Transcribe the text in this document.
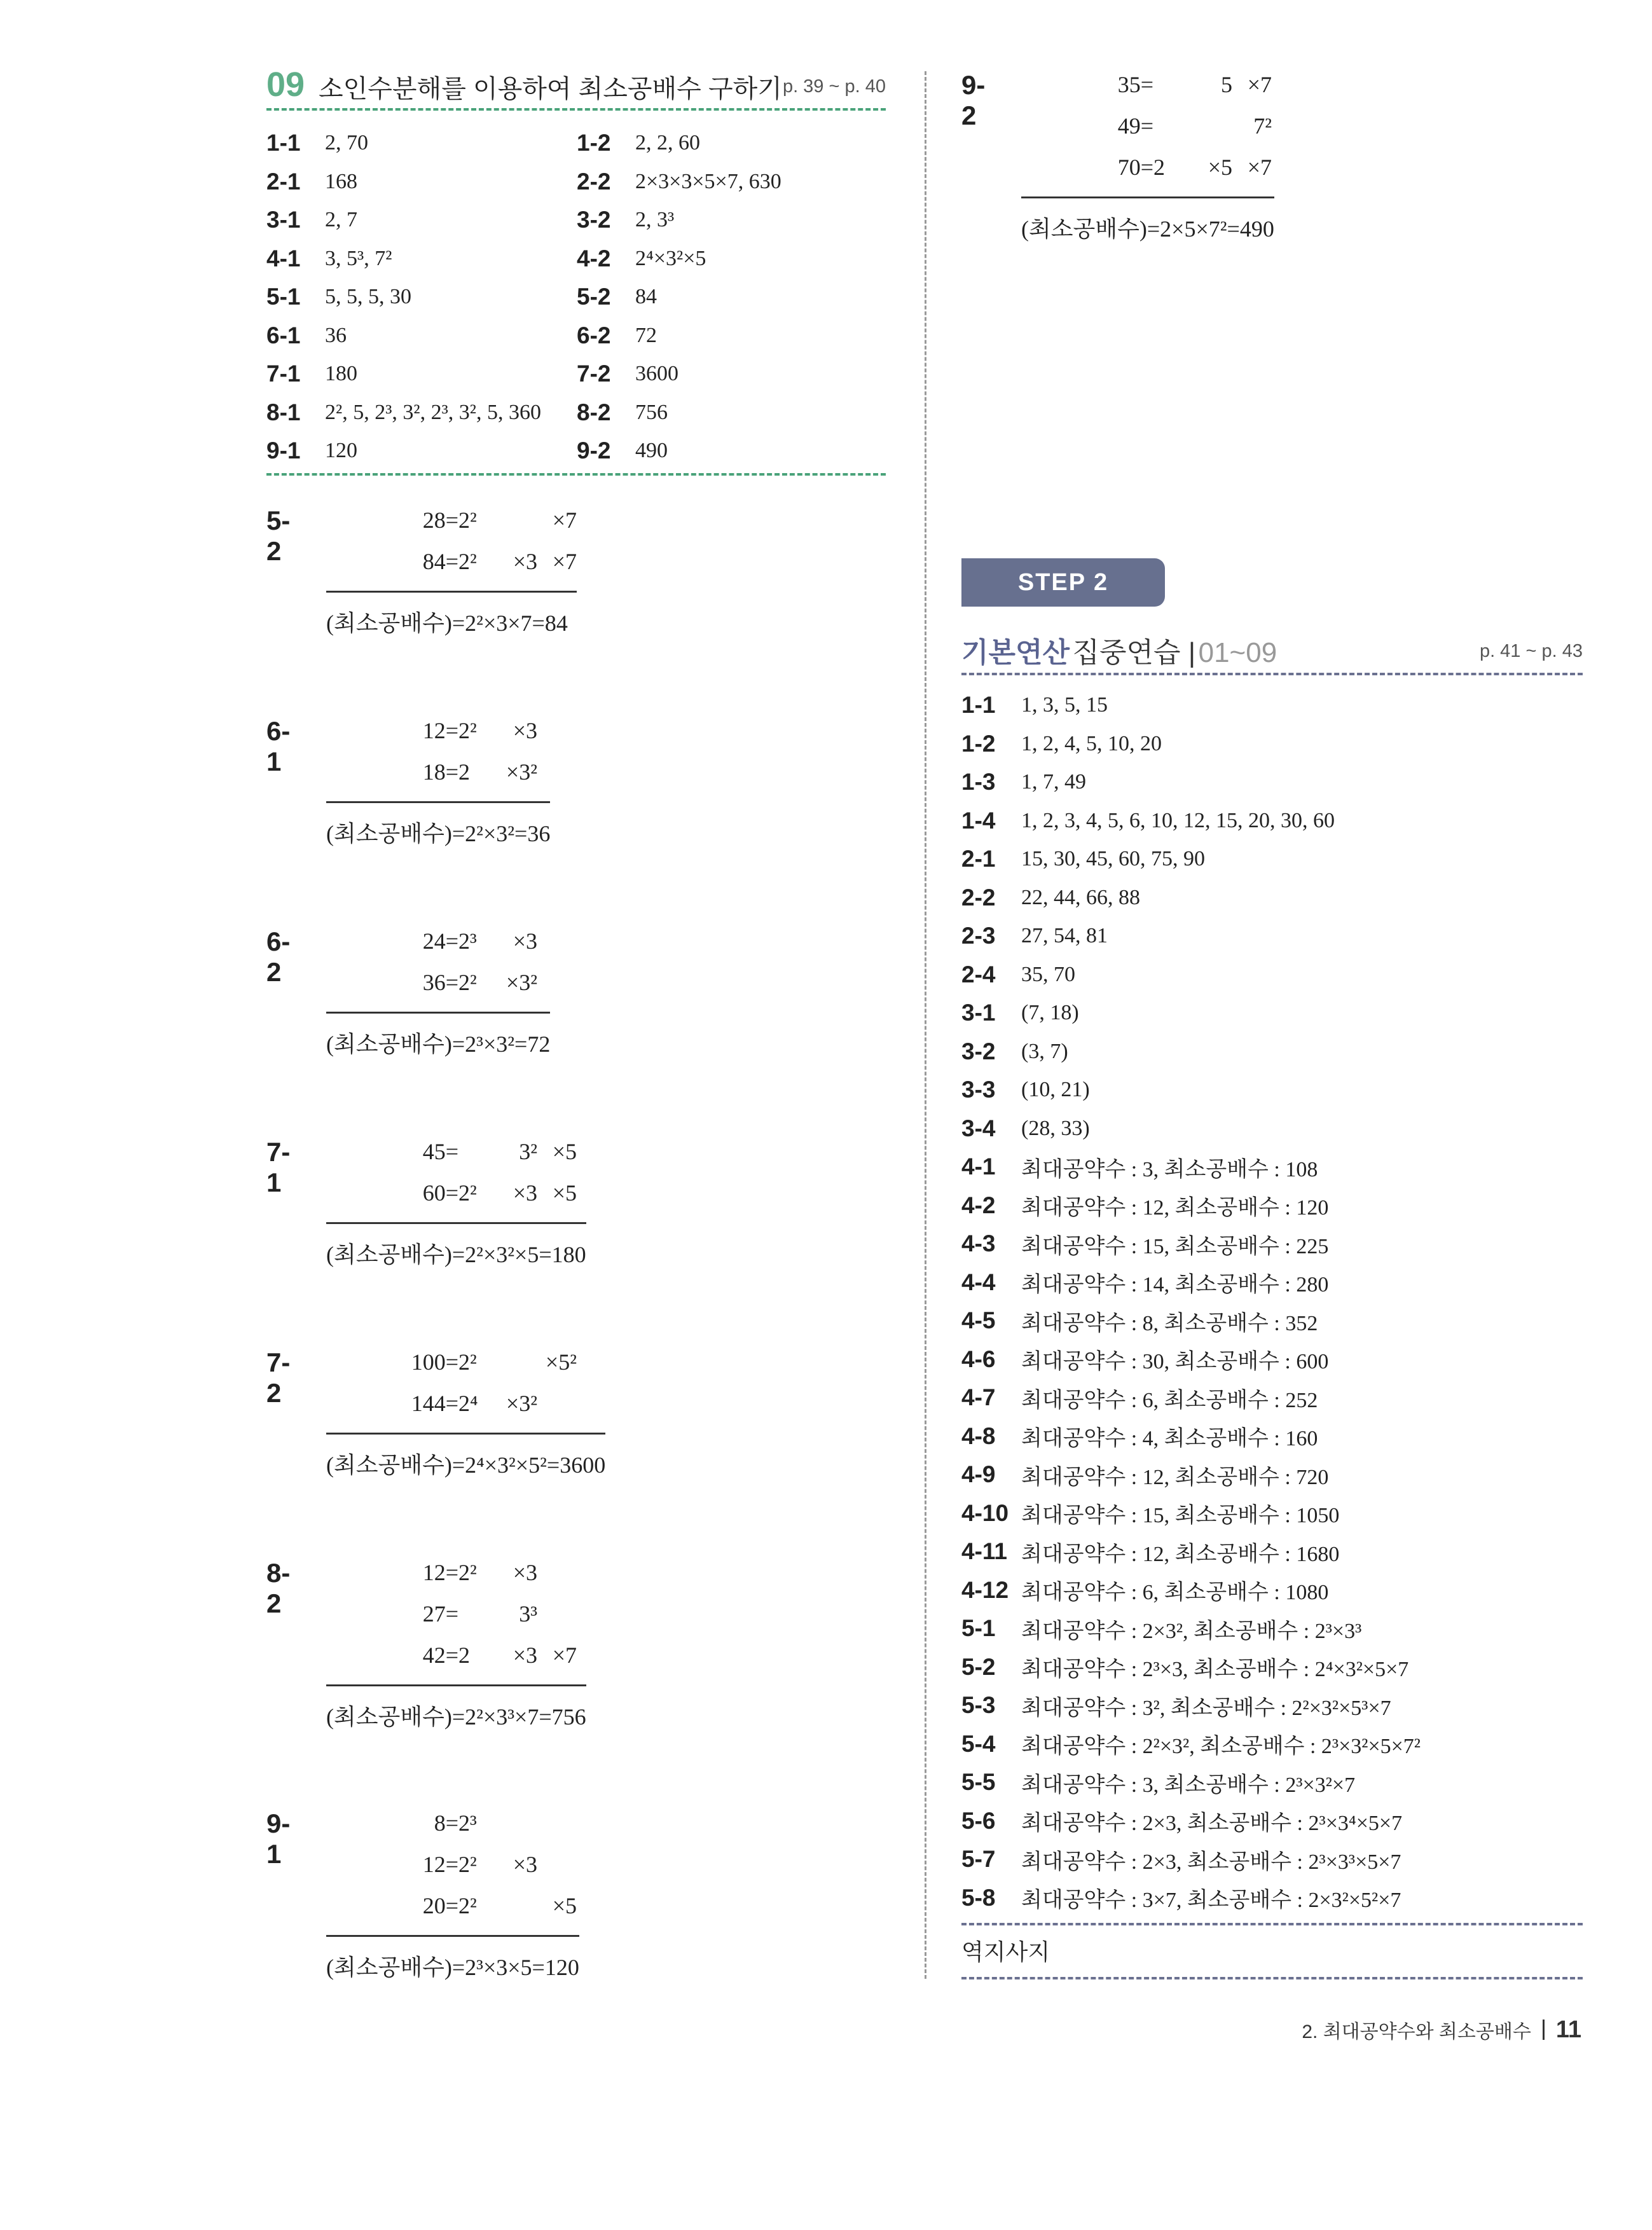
09 소인수분해를 이용하여 최소공배수 구하기 p. 39 ~ p. 40
1-1	2, 70	1-2	2, 2, 60
2-1	168	2-2	2×3×3×5×7, 630
3-1	2, 7	3-2	2, 3³
4-1	3, 5³, 7²	4-2	2⁴×3²×5
5-1	5, 5, 5, 30	5-2	84
6-1	36	6-2	72
7-1	180	7-2	3600
8-1	2², 5, 2³, 3², 2³, 3², 5, 360 8-2	756
9-1	120	9-2	490
5-2
28= 2²	×7
84= 2²	×3 ×7
(최소공배수)=2²×3×7=84
6-1
12= 2²	×3
18= 2	×3²
(최소공배수)=2²×3²=36
6-2
24= 2³	×3
36= 2²	×3²
(최소공배수)=2³×3²=72
7-1
45=	3² ×5
60= 2²	×3 ×5
(최소공배수)=2²×3²×5=180
7-2
100= 2²	×5²
144= 2⁴	×3²
(최소공배수)=2⁴×3²×5²=3600
8-2
12= 2²	×3
27=	3³
42= 2	×3 ×7
(최소공배수)=2²×3³×7=756
9-1
8= 2³
12= 2²	×3
20= 2²	×5
(최소공배수)=2³×3×5=120
9-2
35=	5 ×7
49=	7²
70= 2	×5 ×7
(최소공배수)=2×5×7²=490
STEP 2
기본연산 집중연습 | 01~09	p. 41 ~ p. 43
1-1	1, 3, 5, 15
1-2	1, 2, 4, 5, 10, 20
1-3	1, 7, 49
1-4	1, 2, 3, 4, 5, 6, 10, 12, 15, 20, 30, 60
2-1	15, 30, 45, 60, 75, 90
2-2	22, 44, 66, 88
2-3	27, 54, 81
2-4	35, 70
3-1	(7, 18)
3-2	(3, 7)
3-3	(10, 21)
3-4	(28, 33)
4-1	최대공약수 : 3, 최소공배수 : 108
4-2	최대공약수 : 12, 최소공배수 : 120
4-3	최대공약수 : 15, 최소공배수 : 225
4-4	최대공약수 : 14, 최소공배수 : 280
4-5	최대공약수 : 8, 최소공배수 : 352
4-6	최대공약수 : 30, 최소공배수 : 600
4-7	최대공약수 : 6, 최소공배수 : 252
4-8	최대공약수 : 4, 최소공배수 : 160
4-9	최대공약수 : 12, 최소공배수 : 720
4-10 최대공약수 : 15, 최소공배수 : 1050
4-11 최대공약수 : 12, 최소공배수 : 1680
4-12 최대공약수 : 6, 최소공배수 : 1080
5-1	최대공약수 : 2×3², 최소공배수 : 2³×3³
5-2	최대공약수 : 2³×3, 최소공배수 : 2⁴×3²×5×7
5-3	최대공약수 : 3², 최소공배수 : 2²×3²×5³×7
5-4	최대공약수 : 2²×3², 최소공배수 : 2³×3²×5×7²
5-5	최대공약수 : 3, 최소공배수 : 2³×3²×7
5-6	최대공약수 : 2×3, 최소공배수 : 2³×3⁴×5×7
5-7	최대공약수 : 2×3, 최소공배수 : 2³×3³×5×7
5-8	최대공약수 : 3×7, 최소공배수 : 2×3²×5²×7
역지사지
2. 최대공약수와 최소공배수 11
